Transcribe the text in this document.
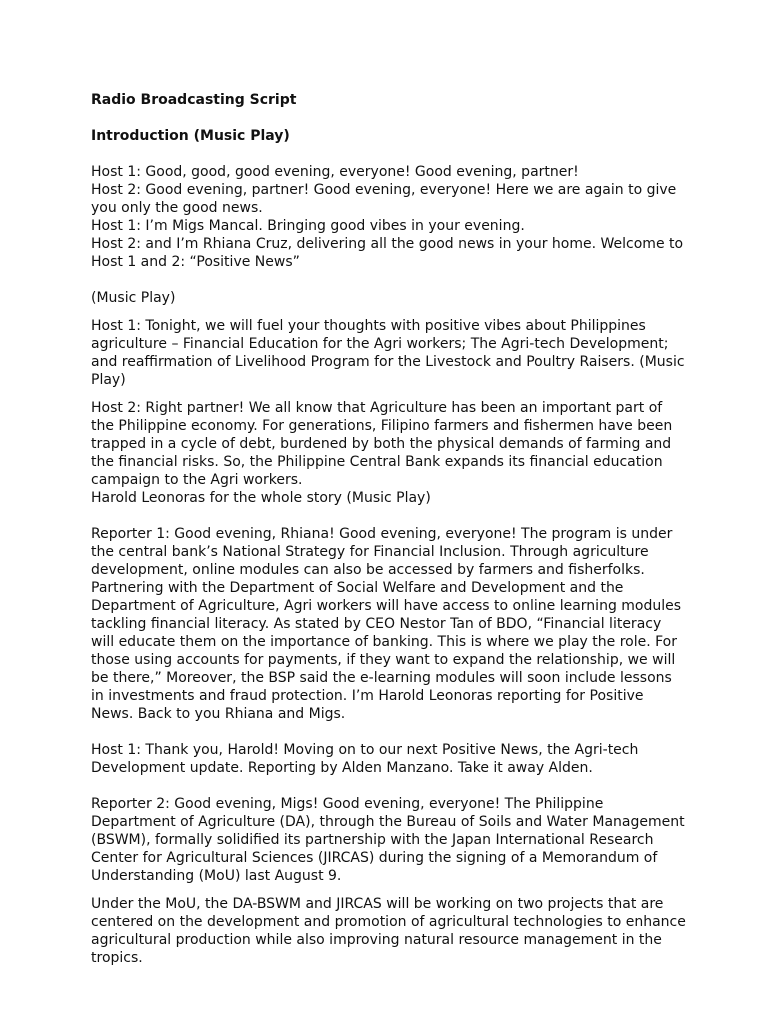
Radio Broadcasting Script

Introduction (Music Play)

Host 1: Good, good, good evening, everyone! Good evening, partner!
Host 2: Good evening, partner! Good evening, everyone! Here we are again to give you only the good news.
Host 1: I’m Migs Mancal. Bringing good vibes in your evening.
Host 2: and I’m Rhiana Cruz, delivering all the good news in your home. Welcome to
Host 1 and 2: “Positive News”

(Music Play)

Host 1: Tonight, we will fuel your thoughts with positive vibes about Philippines agriculture – Financial Education for the Agri workers; The Agri-tech Development; and reaffirmation of Livelihood Program for the Livestock and Poultry Raisers. (Music Play)

Host 2: Right partner! We all know that Agriculture has been an important part of the Philippine economy. For generations, Filipino farmers and fishermen have been trapped in a cycle of debt, burdened by both the physical demands of farming and the financial risks. So, the Philippine Central Bank expands its financial education campaign to the Agri workers.
Harold Leonoras for the whole story (Music Play)

Reporter 1: Good evening, Rhiana! Good evening, everyone! The program is under the central bank’s National Strategy for Financial Inclusion. Through agriculture development, online modules can also be accessed by farmers and fisherfolks. Partnering with the Department of Social Welfare and Development and the Department of Agriculture, Agri workers will have access to online learning modules tackling financial literacy. As stated by CEO Nestor Tan of BDO, “Financial literacy will educate them on the importance of banking. This is where we play the role. For those using accounts for payments, if they want to expand the relationship, we will be there,” Moreover, the BSP said the e-learning modules will soon include lessons in investments and fraud protection. I’m Harold Leonoras reporting for Positive News. Back to you Rhiana and Migs.

Host 1: Thank you, Harold! Moving on to our next Positive News, the Agri-tech Development update. Reporting by Alden Manzano. Take it away Alden.

Reporter 2: Good evening, Migs! Good evening, everyone! The Philippine Department of Agriculture (DA), through the Bureau of Soils and Water Management (BSWM), formally solidified its partnership with the Japan International Research Center for Agricultural Sciences (JIRCAS) during the signing of a Memorandum of Understanding (MoU) last August 9.

Under the MoU, the DA-BSWM and JIRCAS will be working on two projects that are centered on the development and promotion of agricultural technologies to enhance agricultural production while also improving natural resource management in the tropics.
